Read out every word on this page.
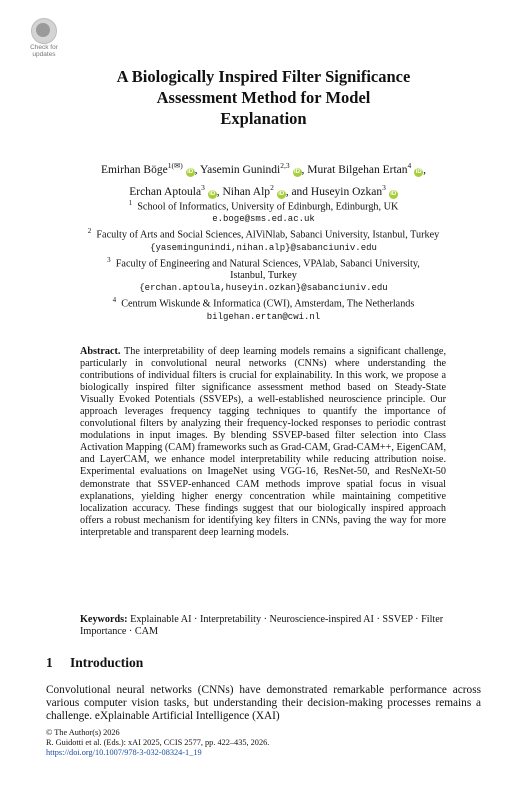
Check for
updates
A Biologically Inspired Filter Significance
Assessment Method for Model
Explanation
Emirhan Böge$^{1(✉)}$ iD , Yasemin Gunindi$^{2,3}$ iD , Murat Bilgehan Ertan$^4$ iD ,
Erchan Aptoula$^3$ iD , Nihan Alp$^2$ iD , and Huseyin Ozkan$^3$ iD
$^1$ School of Informatics, University of Edinburgh, Edinburgh, UK
e.boge@sms.ed.ac.uk
$^2$ Faculty of Arts and Social Sciences, AlViNlab, Sabanci University, Istanbul, Turkey
{yasemingunindi,nihan.alp}@sabanciuniv.edu
$^3$ Faculty of Engineering and Natural Sciences, VPAlab, Sabanci University,
Istanbul, Turkey
{erchan.aptoula,huseyin.ozkan}@sabanciuniv.edu
$^4$ Centrum Wiskunde & Informatica (CWI), Amsterdam, The Netherlands
bilgehan.ertan@cwi.nl
Abstract. The interpretability of deep learning models remains a significant challenge, particularly in convolutional neural networks (CNNs) where understanding the contributions of individual filters is crucial for explainability. In this work, we propose a biologically inspired filter significance assessment method based on Steady-State Visually Evoked Potentials (SSVEPs), a well-established neuroscience principle. Our approach leverages frequency tagging techniques to quantify the importance of convolutional filters by analyzing their frequency-locked responses to periodic contrast modulations in input images. By blending SSVEP-based filter selection into Class Activation Mapping (CAM) frameworks such as Grad-CAM, Grad-CAM++, EigenCAM, and LayerCAM, we enhance model interpretability while reducing attribution noise. Experimental evaluations on ImageNet using VGG-16, ResNet-50, and ResNeXt-50 demonstrate that SSVEP-enhanced CAM methods improve spatial focus in visual explanations, yielding higher energy concentration while maintaining competitive localization accuracy. These findings suggest that our biologically inspired approach offers a robust mechanism for identifying key filters in CNNs, paving the way for more interpretable and transparent deep learning models.
Keywords: Explainable AI · Interpretability · Neuroscience-inspired AI · SSVEP · Filter Importance · CAM
1 Introduction
Convolutional neural networks (CNNs) have demonstrated remarkable performance across various computer vision tasks, but understanding their decision-making processes remains a challenge. eXplainable Artificial Intelligence (XAI)
© The Author(s) 2026
R. Guidotti et al. (Eds.): xAI 2025, CCIS 2577, pp. 422–435, 2026.
https://doi.org/10.1007/978-3-032-08324-1_19
